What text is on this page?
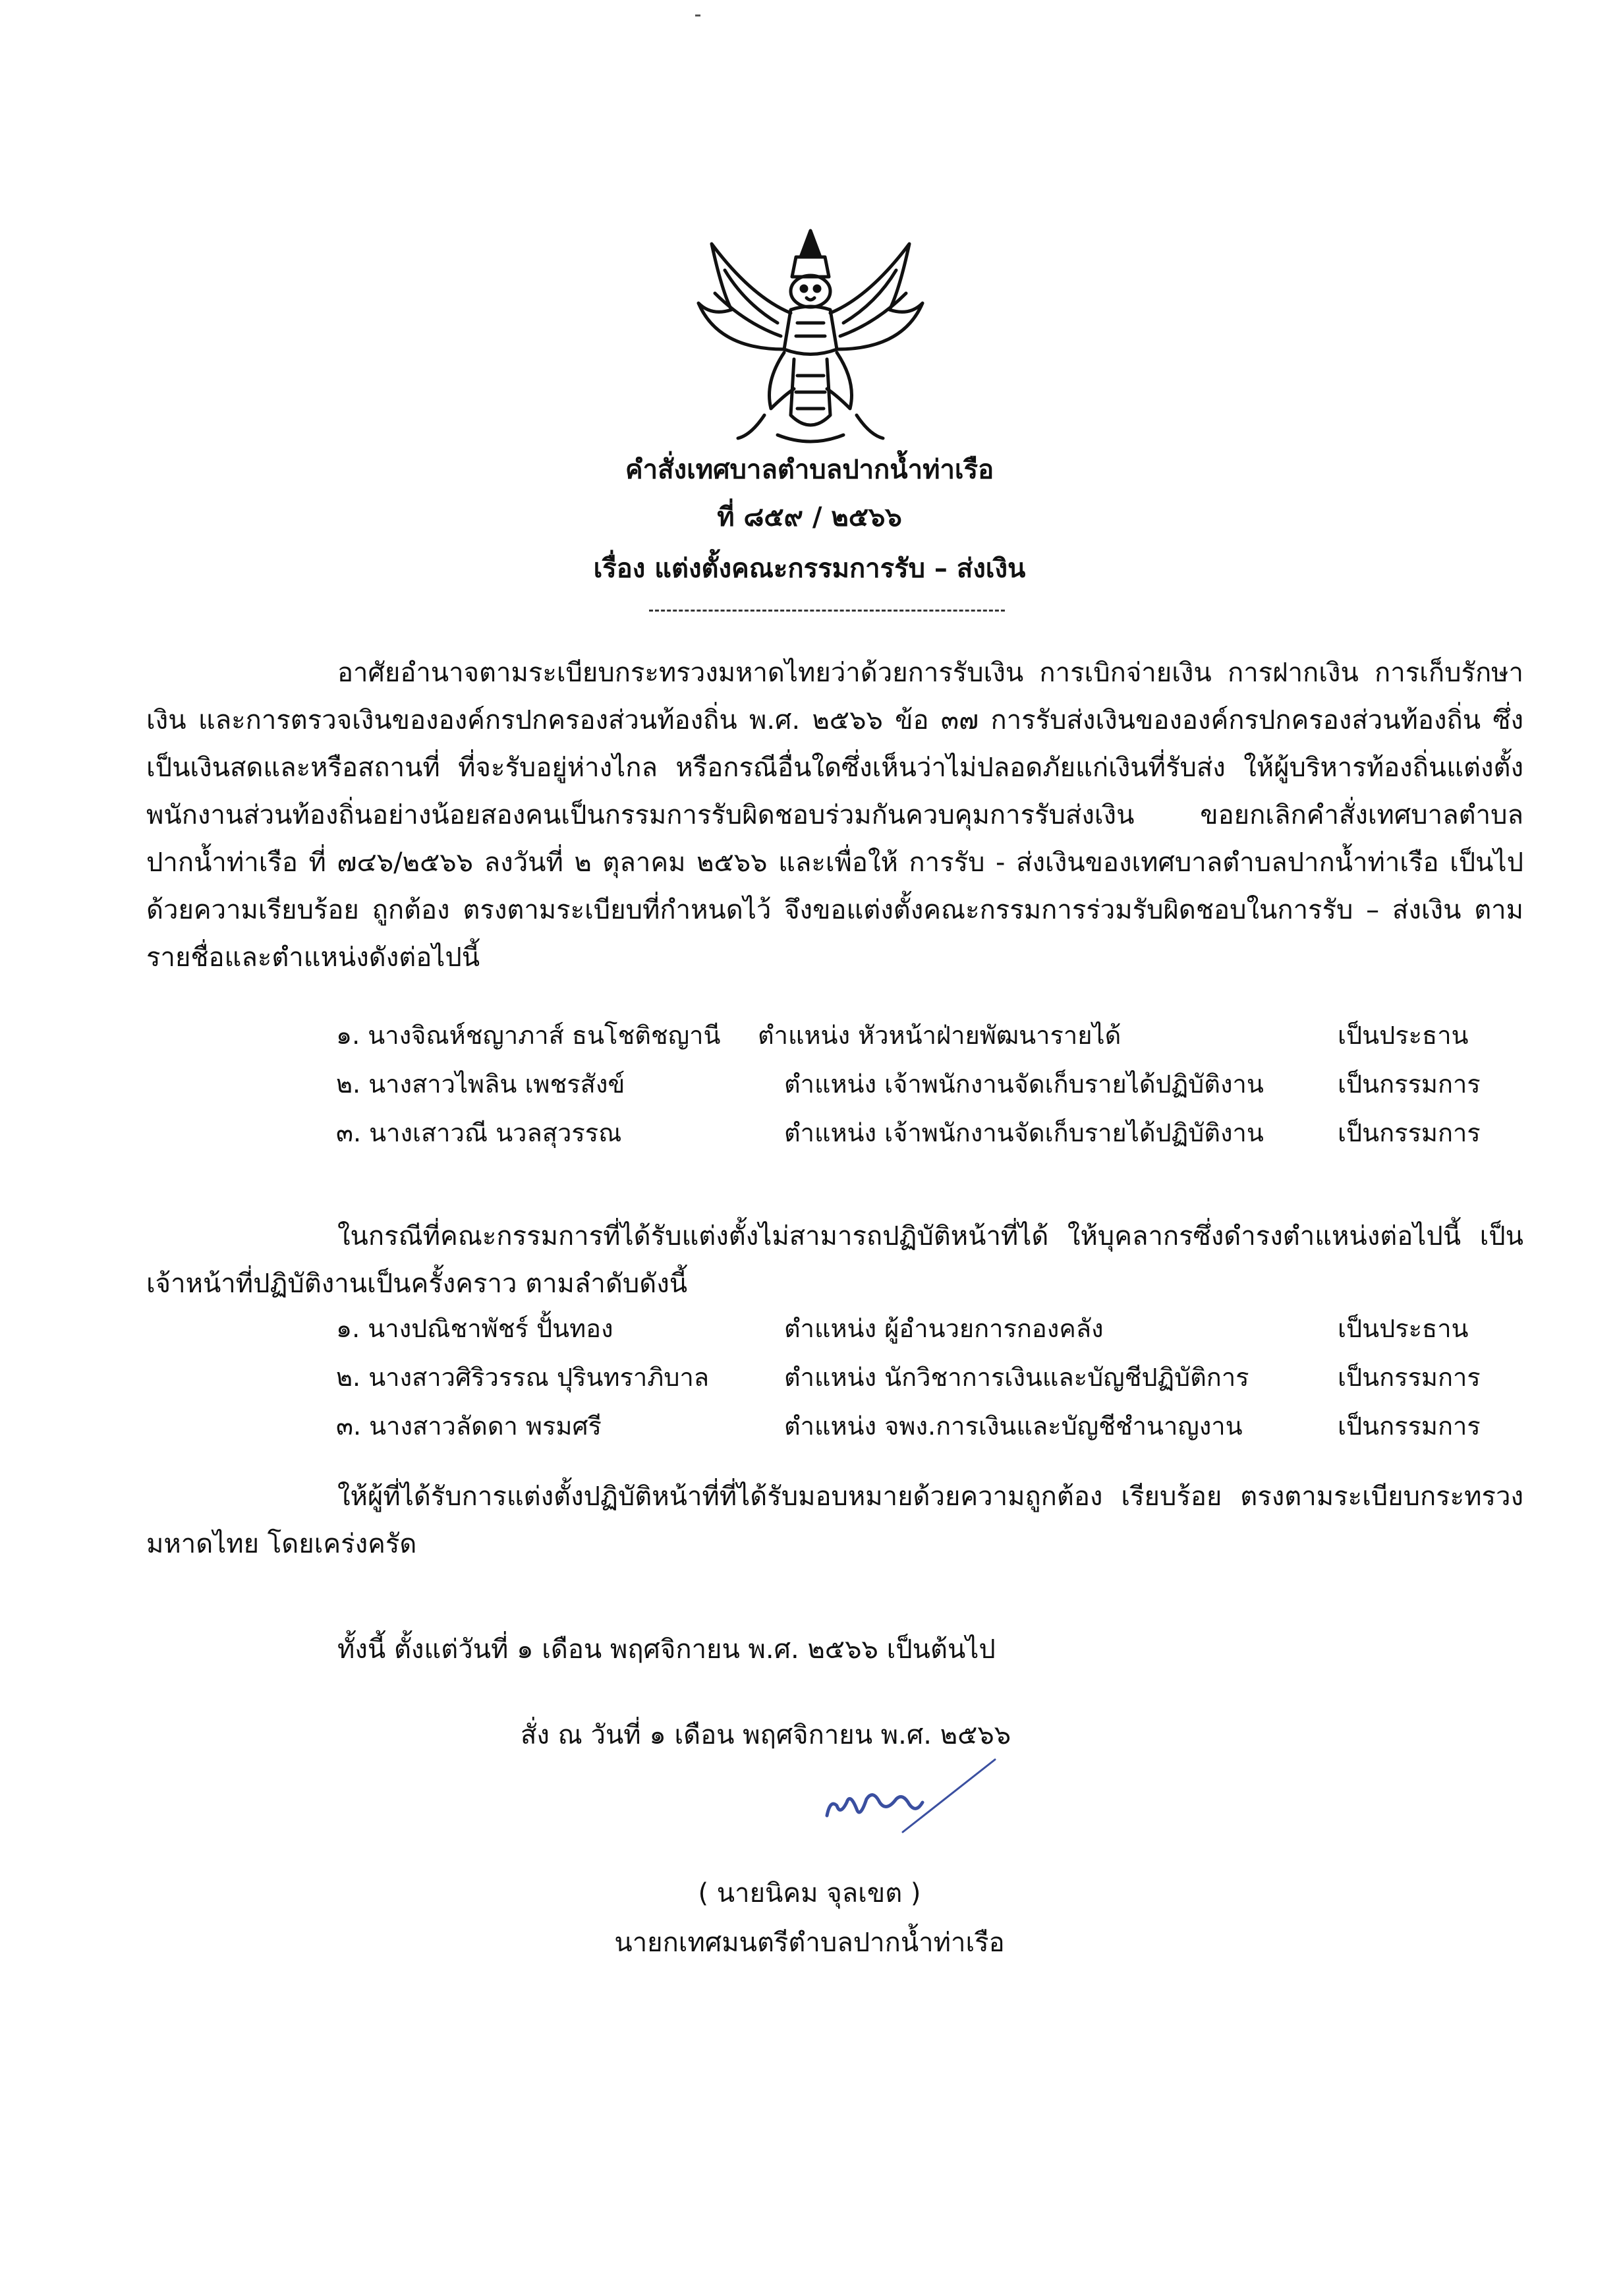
คำสั่งเทศบาลตำบลปากน้ำท่าเรือ
ที่ ๘๕๙ / ๒๕๖๖
เรื่อง แต่งตั้งคณะกรรมการรับ – ส่งเงิน
อาศัยอำนาจตามระเบียบกระทรวงมหาดไทยว่าด้วยการรับเงิน การเบิกจ่ายเงิน การฝากเงิน การเก็บรักษาเงิน และการตรวจเงินขององค์กรปกครองส่วนท้องถิ่น พ.ศ. ๒๕๖๖ ข้อ ๓๗ การรับส่งเงินขององค์กรปกครองส่วนท้องถิ่น ซึ่งเป็นเงินสดและหรือสถานที่ ที่จะรับอยู่ห่างไกล หรือกรณีอื่นใดซึ่งเห็นว่าไม่ปลอดภัยแก่เงินที่รับส่ง ให้ผู้บริหารท้องถิ่นแต่งตั้งพนักงานส่วนท้องถิ่นอย่างน้อยสองคนเป็นกรรมการรับผิดชอบร่วมกันควบคุมการรับส่งเงิน ขอยกเลิกคำสั่งเทศบาลตำบลปากน้ำท่าเรือ ที่ ๗๔๖/๒๕๖๖ ลงวันที่ ๒ ตุลาคม ๒๕๖๖ และเพื่อให้ การรับ - ส่งเงินของเทศบาลตำบลปากน้ำท่าเรือ เป็นไปด้วยความเรียบร้อย ถูกต้อง ตรงตามระเบียบที่กำหนดไว้ จึงขอแต่งตั้งคณะกรรมการร่วมรับผิดชอบในการรับ – ส่งเงิน ตามรายชื่อและตำแหน่งดังต่อไปนี้
๑. นางจิณห์ชญาภาส์ ธนโชติชญานี ตำแหน่ง หัวหน้าฝ่ายพัฒนารายได้	เป็นประธาน
๒. นางสาวไพลิน เพชรสังข์	ตำแหน่ง เจ้าพนักงานจัดเก็บรายได้ปฏิบัติงาน	เป็นกรรมการ
๓. นางเสาวณี นวลสุวรรณ	ตำแหน่ง เจ้าพนักงานจัดเก็บรายได้ปฏิบัติงาน	เป็นกรรมการ
ในกรณีที่คณะกรรมการที่ได้รับแต่งตั้งไม่สามารถปฏิบัติหน้าที่ได้ ให้บุคลากรซึ่งดำรงตำแหน่งต่อไปนี้ เป็นเจ้าหน้าที่ปฏิบัติงานเป็นครั้งคราว ตามลำดับดังนี้
๑. นางปณิชาพัชร์ ปั้นทอง	ตำแหน่ง ผู้อำนวยการกองคลัง	เป็นประธาน
๒. นางสาวศิริวรรณ ปุรินทราภิบาล	ตำแหน่ง นักวิชาการเงินและบัญชีปฏิบัติการ	เป็นกรรมการ
๓. นางสาวลัดดา พรมศรี	ตำแหน่ง จพง.การเงินและบัญชีชำนาญงาน	เป็นกรรมการ
ให้ผู้ที่ได้รับการแต่งตั้งปฏิบัติหน้าที่ที่ได้รับมอบหมายด้วยความถูกต้อง เรียบร้อย ตรงตามระเบียบกระทรวงมหาดไทย โดยเคร่งครัด
ทั้งนี้ ตั้งแต่วันที่ ๑ เดือน พฤศจิกายน พ.ศ. ๒๕๖๖ เป็นต้นไป
สั่ง ณ วันที่ ๑ เดือน พฤศจิกายน พ.ศ. ๒๕๖๖
( นายนิคม จุลเขต )
นายกเทศมนตรีตำบลปากน้ำท่าเรือ
